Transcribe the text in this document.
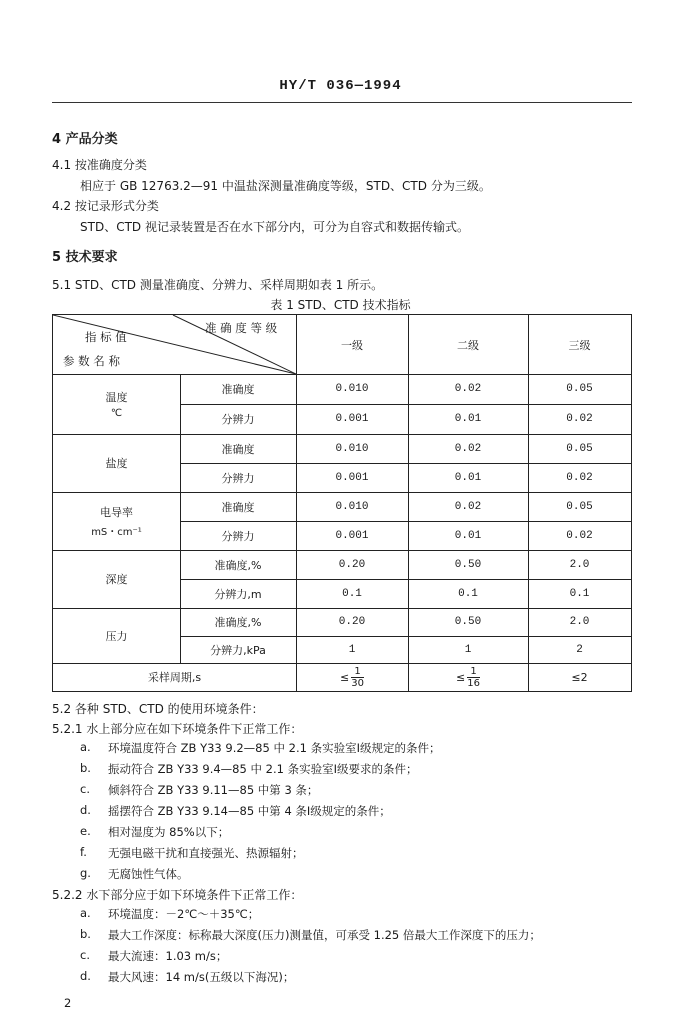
HY/T 036—1994
4 产品分类
4.1 按准确度分类
相应于 GB 12763.2—91 中温盐深测量准确度等级，STD、CTD 分为三级。
4.2 按记录形式分类
STD、CTD 视记录装置是否在水下部分内，可分为自容式和数据传输式。
5 技术要求
5.1 STD、CTD 测量准确度、分辨力、采样周期如表 1 所示。
表 1 STD、CTD 技术指标
指 标 值
准 确 度 等 级
参 数 名 称
一级	二级	三级
温度
℃
准确度	0.010	0.02	0.05
分辨力	0.001	0.01	0.02
盐度
准确度	0.010	0.02	0.05
分辨力	0.001	0.01	0.02
电导率
mS・cm⁻¹
准确度	0.010	0.02	0.05
分辨力	0.001	0.01	0.02
深度
准确度,%	0.20	0.50	2.0
分辨力,m	0.1	0.1	0.1
压力
准确度,%	0.20	0.50	2.0
分辨力,kPa	1	1	2
采样周期,s	≤ $\frac{1}{30}$	≤ $\frac{1}{16}$	≤2
5.2 各种 STD、CTD 的使用环境条件：
5.2.1 水上部分应在如下环境条件下正常工作：
a. 环境温度符合 ZB Y33 9.2—85 中 2.1 条实验室Ⅰ级规定的条件；
b. 振动符合 ZB Y33 9.4—85 中 2.1 条实验室Ⅰ级要求的条件；
c. 倾斜符合 ZB Y33 9.11—85 中第 3 条；
d. 摇摆符合 ZB Y33 9.14—85 中第 4 条Ⅰ级规定的条件；
e. 相对湿度为 85%以下；
f. 无强电磁干扰和直接强光、热源辐射；
g. 无腐蚀性气体。
5.2.2 水下部分应于如下环境条件下正常工作：
a. 环境温度：－2℃～＋35℃；
b. 最大工作深度：标称最大深度(压力)测量值，可承受 1.25 倍最大工作深度下的压力；
c. 最大流速：1.03 m/s；
d. 最大风速：14 m/s(五级以下海况)；
2
